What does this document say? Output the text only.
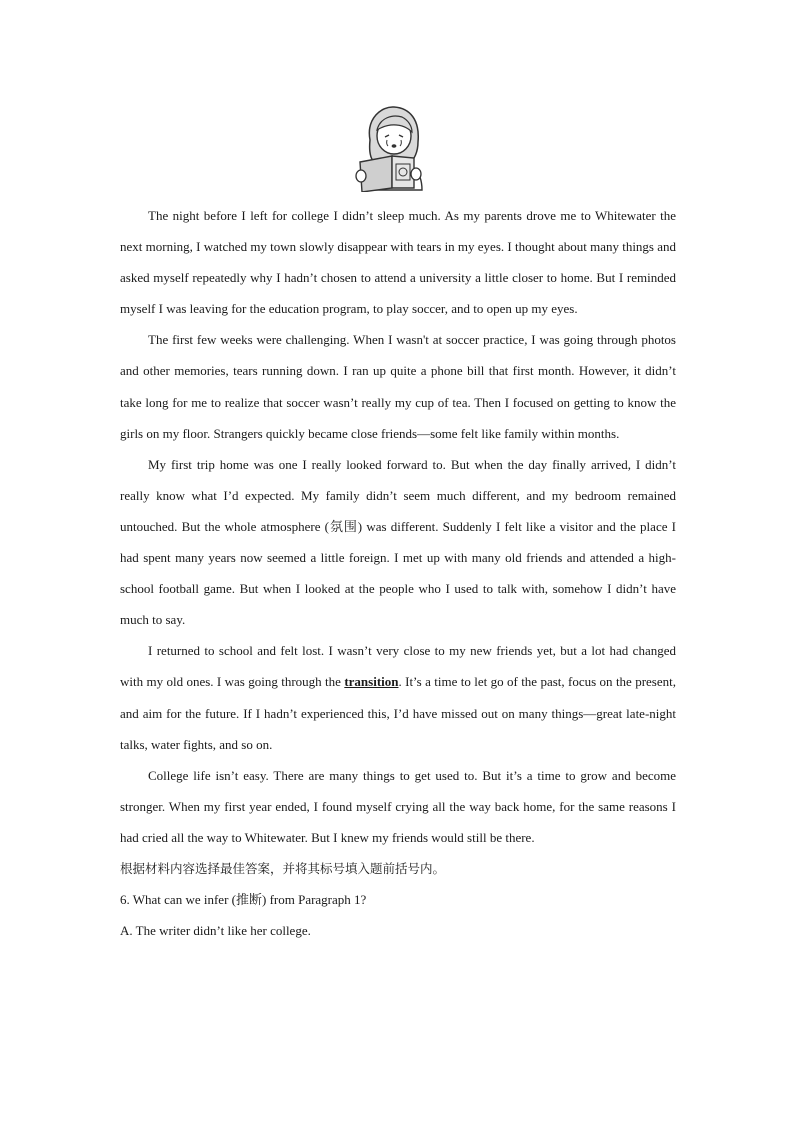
The night before I left for college I didn’t sleep much. As my parents drove me to Whitewater the next morning, I watched my town slowly disappear with tears in my eyes. I thought about many things and asked myself repeatedly why I hadn’t chosen to attend a university a little closer to home. But I reminded myself I was leaving for the education program, to play soccer, and to open up my eyes.

The first few weeks were challenging. When I wasn't at soccer practice, I was going through photos and other memories, tears running down. I ran up quite a phone bill that first month. However, it didn’t take long for me to realize that soccer wasn’t really my cup of tea. Then I focused on getting to know the girls on my floor. Strangers quickly became close friends—some felt like family within months.

My first trip home was one I really looked forward to. But when the day finally arrived, I didn’t really know what I’d expected. My family didn’t seem much different, and my bedroom remained untouched. But the whole atmosphere (氛围) was different. Suddenly I felt like a visitor and the place I had spent many years now seemed a little foreign. I met up with many old friends and attended a high-school football game. But when I looked at the people who I used to talk with, somehow I didn’t have much to say.

I returned to school and felt lost. I wasn’t very close to my new friends yet, but a lot had changed with my old ones. I was going through the transition. It’s a time to let go of the past, focus on the present, and aim for the future. If I hadn’t experienced this, I’d have missed out on many things—great late-night talks, water fights, and so on.

College life isn’t easy. There are many things to get used to. But it’s a time to grow and become stronger. When my first year ended, I found myself crying all the way back home, for the same reasons I had cried all the way to Whitewater. But I knew my friends would still be there.

根据材料内容选择最佳答案，并将其标号填入题前括号内。

6. What can we infer (推断) from Paragraph 1?

A. The writer didn’t like her college.
